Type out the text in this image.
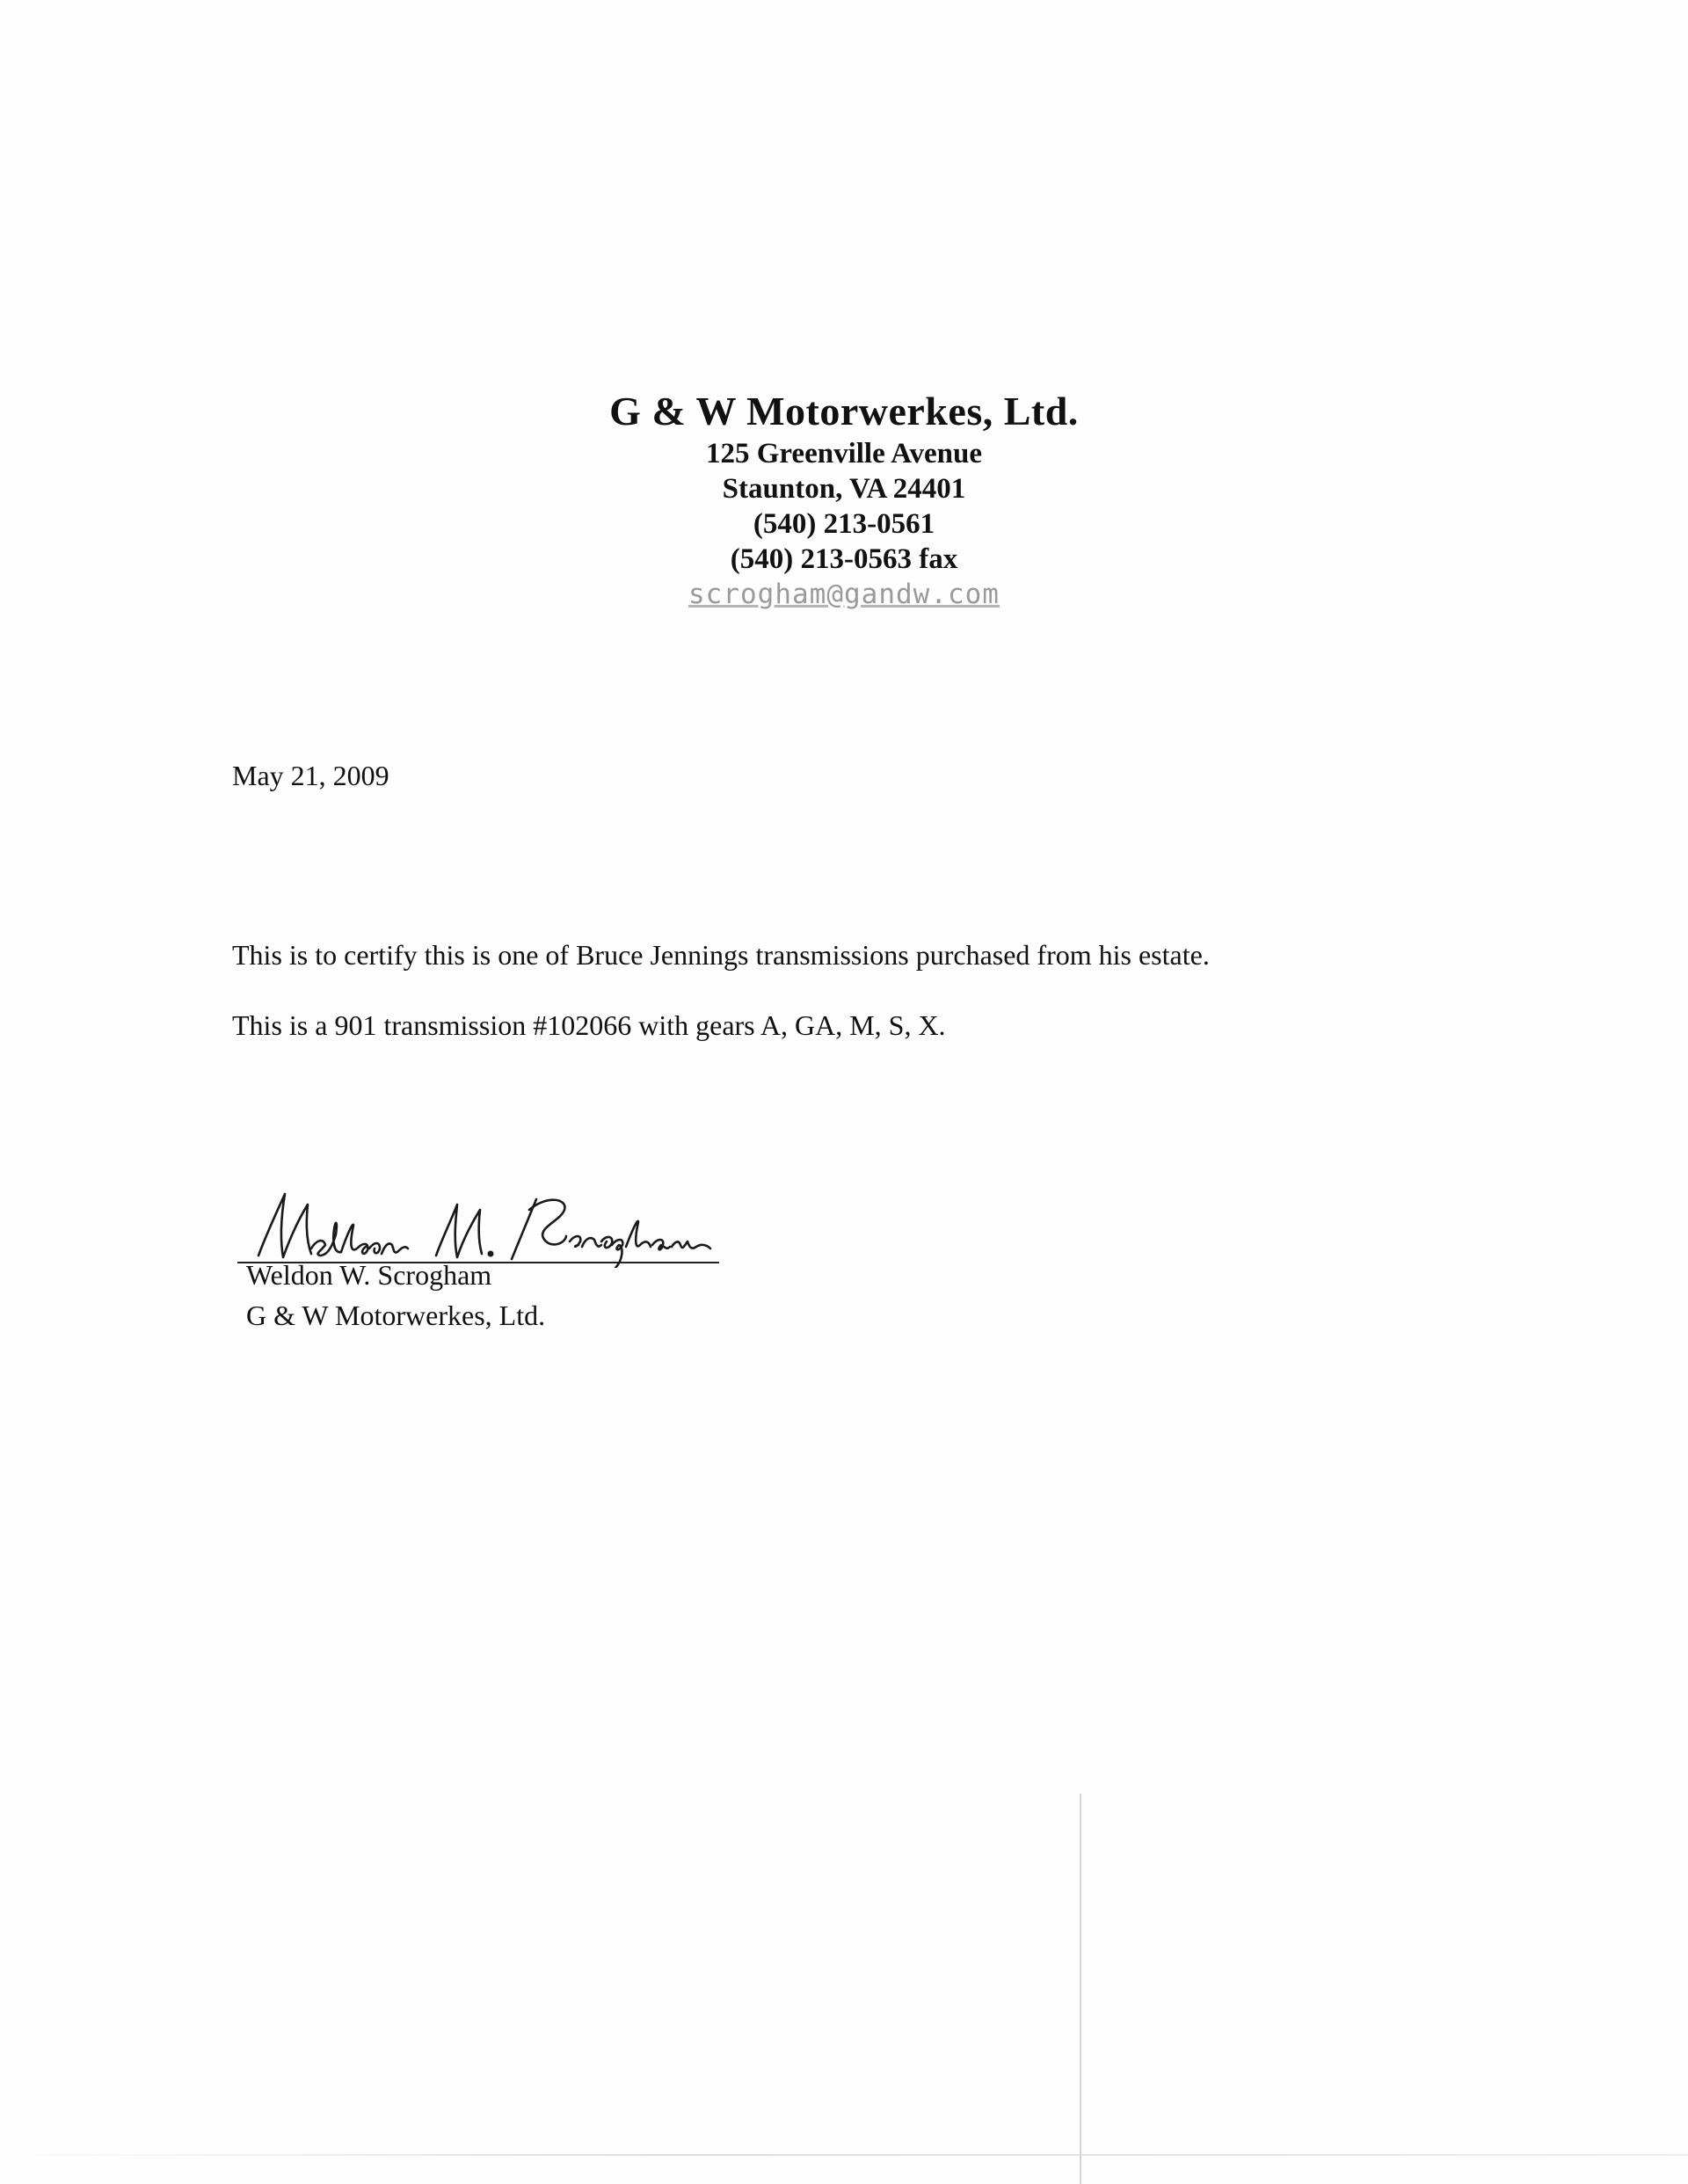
G & W Motorwerkes, Ltd.
125 Greenville Avenue
Staunton, VA 24401
(540) 213-0561
(540) 213-0563 fax
scrogham@gandw.com
May 21, 2009
This is to certify this is one of Bruce Jennings transmissions purchased from his estate.
This is a 901 transmission #102066 with gears A, GA, M, S, X.
Weldon W. Scrogham
G & W Motorwerkes, Ltd.
